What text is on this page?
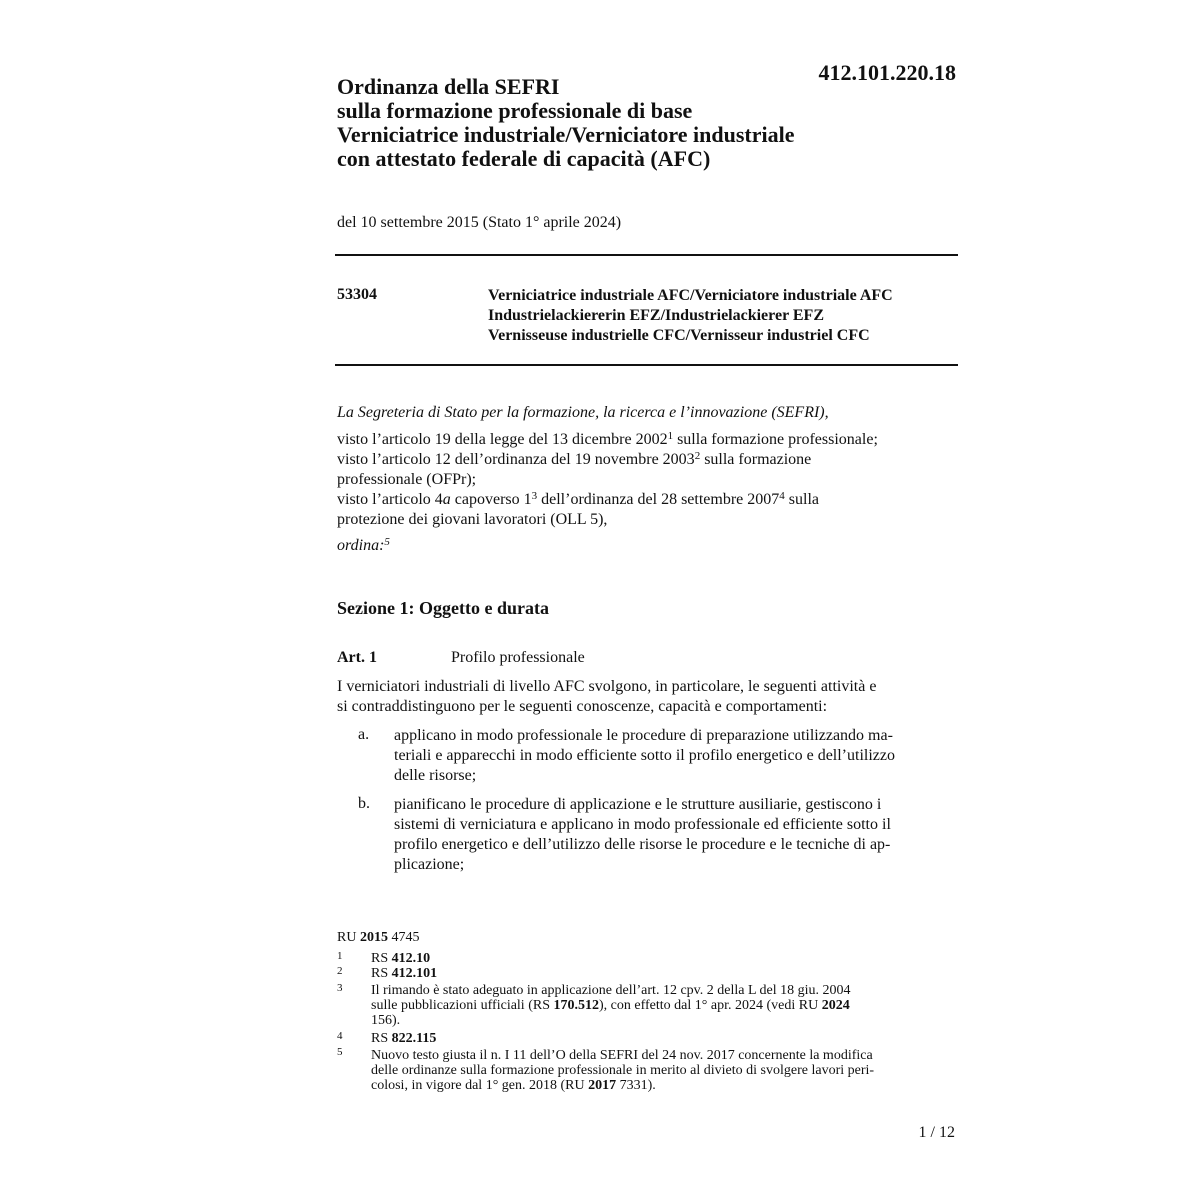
412.101.220.18
Ordinanza della SEFRI
sulla formazione professionale di base
Verniciatrice industriale/Verniciatore industriale
con attestato federale di capacità (AFC)
del 10 settembre 2015 (Stato 1° aprile 2024)
53304	Verniciatrice industriale AFC/Verniciatore industriale AFC
Industrielackiererin EFZ/Industrielackierer EFZ
Vernisseuse industrielle CFC/Vernisseur industriel CFC
La Segreteria di Stato per la formazione, la ricerca e l’innovazione (SEFRI),
visto l’articolo 19 della legge del 13 dicembre 2002$^1$ sulla formazione professionale;
visto l’articolo 12 dell’ordinanza del 19 novembre 2003$^2$ sulla formazione
professionale (OFPr);
visto l’articolo 4a capoverso $1^3$ dell’ordinanza del 28 settembre 2007$^4$ sulla
protezione dei giovani lavoratori (OLL 5),
ordina:$^5$
Sezione 1: Oggetto e durata
Art. 1	Profilo professionale
I verniciatori industriali di livello AFC svolgono, in particolare, le seguenti attività e
si contraddistinguono per le seguenti conoscenze, capacità e comportamenti:
a. applicano in modo professionale le procedure di preparazione utilizzando ma-
teriali e apparecchi in modo efficiente sotto il profilo energetico e dell’utilizzo
delle risorse;
b. pianificano le procedure di applicazione e le strutture ausiliarie, gestiscono i
sistemi di verniciatura e applicano in modo professionale ed efficiente sotto il
profilo energetico e dell’utilizzo delle risorse le procedure e le tecniche di ap-
plicazione;
RU 2015 4745
1 RS 412.10
2 RS 412.101
3 Il rimando è stato adeguato in applicazione dell’art. 12 cpv. 2 della L del 18 giu. 2004
sulle pubblicazioni ufficiali (RS 170.512), con effetto dal 1° apr. 2024 (vedi RU 2024
156).
4 RS 822.115
5 Nuovo testo giusta il n. I 11 dell’O della SEFRI del 24 nov. 2017 concernente la modifica
delle ordinanze sulla formazione professionale in merito al divieto di svolgere lavori peri-
colosi, in vigore dal 1° gen. 2018 (RU 2017 7331).
1 / 12
